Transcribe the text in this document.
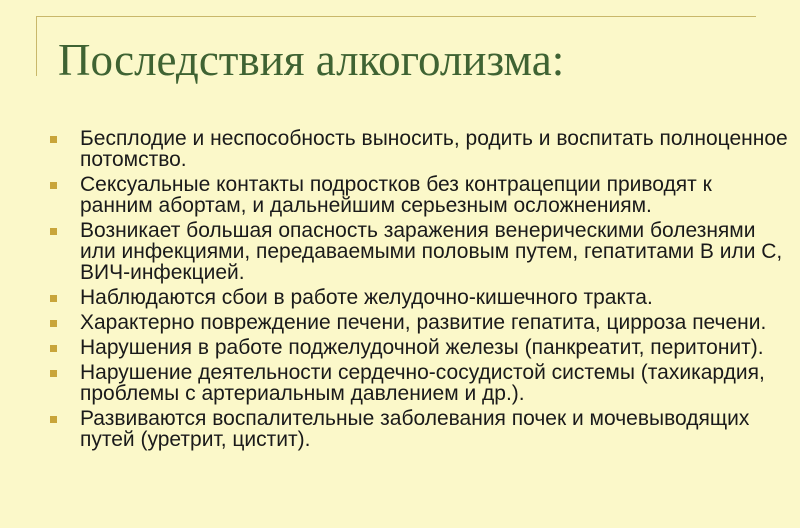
Последствия алкоголизма:
Бесплодие и неспособность выносить, родить и воспитать полноценное потомство.
Сексуальные контакты подростков без контрацепции приводят к ранним абортам, и дальнейшим серьезным осложнениям.
Возникает большая опасность заражения венерическими болезнями или инфекциями, передаваемыми половым путем, гепатитами В или С, ВИЧ-инфекцией.
Наблюдаются сбои в работе желудочно-кишечного тракта.
Характерно повреждение печени, развитие гепатита, цирроза печени.
Нарушения в работе поджелудочной железы (панкреатит, перитонит).
Нарушение деятельности сердечно-сосудистой системы (тахикардия, проблемы с артериальным давлением и др.).
Развиваются воспалительные заболевания почек и мочевыводящих путей (уретрит, цистит).
